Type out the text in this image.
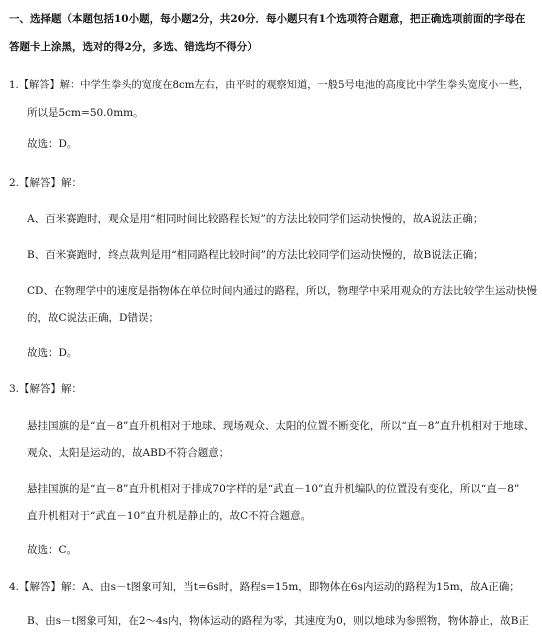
一、选择题（本题包括10小题，每小题2分，共20分．每小题只有1个选项符合题意，把正确选项前面的字母在
答题卡上涂黑，选对的得2分，多选、错选均不得分）
1.【解答】解：中学生拳头的宽度在8cm左右，由平时的观察知道，一般5号电池的高度比中学生拳头宽度小一些，
所以是5cm=50.0mm。
故选：D。
2.【解答】解：
A、百米赛跑时，观众是用“相同时间比较路程长短”的方法比较同学们运动快慢的，故A说法正确；
B、百米赛跑时，终点裁判是用“相同路程比较时间”的方法比较同学们运动快慢的，故B说法正确；
CD、在物理学中的速度是指物体在单位时间内通过的路程，所以，物理学中采用观众的方法比较学生运动快慢
的，故C说法正确，D错误；
故选：D。
3.【解答】解：
悬挂国旗的是“直－8”直升机相对于地球、现场观众、太阳的位置不断变化，所以“直－8”直升机相对于地球、
观众、太阳是运动的，故ABD不符合题意；
悬挂国旗的是“直－8”直升机相对于排成70字样的是“武直－10”直升机编队的位置没有变化，所以“直－8”
直升机相对于“武直－10”直升机是静止的，故C不符合题意。
故选：C。
4.【解答】解：A、由s－t图象可知，当t=6s时，路程s=15m，即物体在6s内运动的路程为15m，故A正确；
B、由s－t图象可知，在2～4s内，物体运动的路程为零，其速度为0，则以地球为参照物，物体静止，故B正
